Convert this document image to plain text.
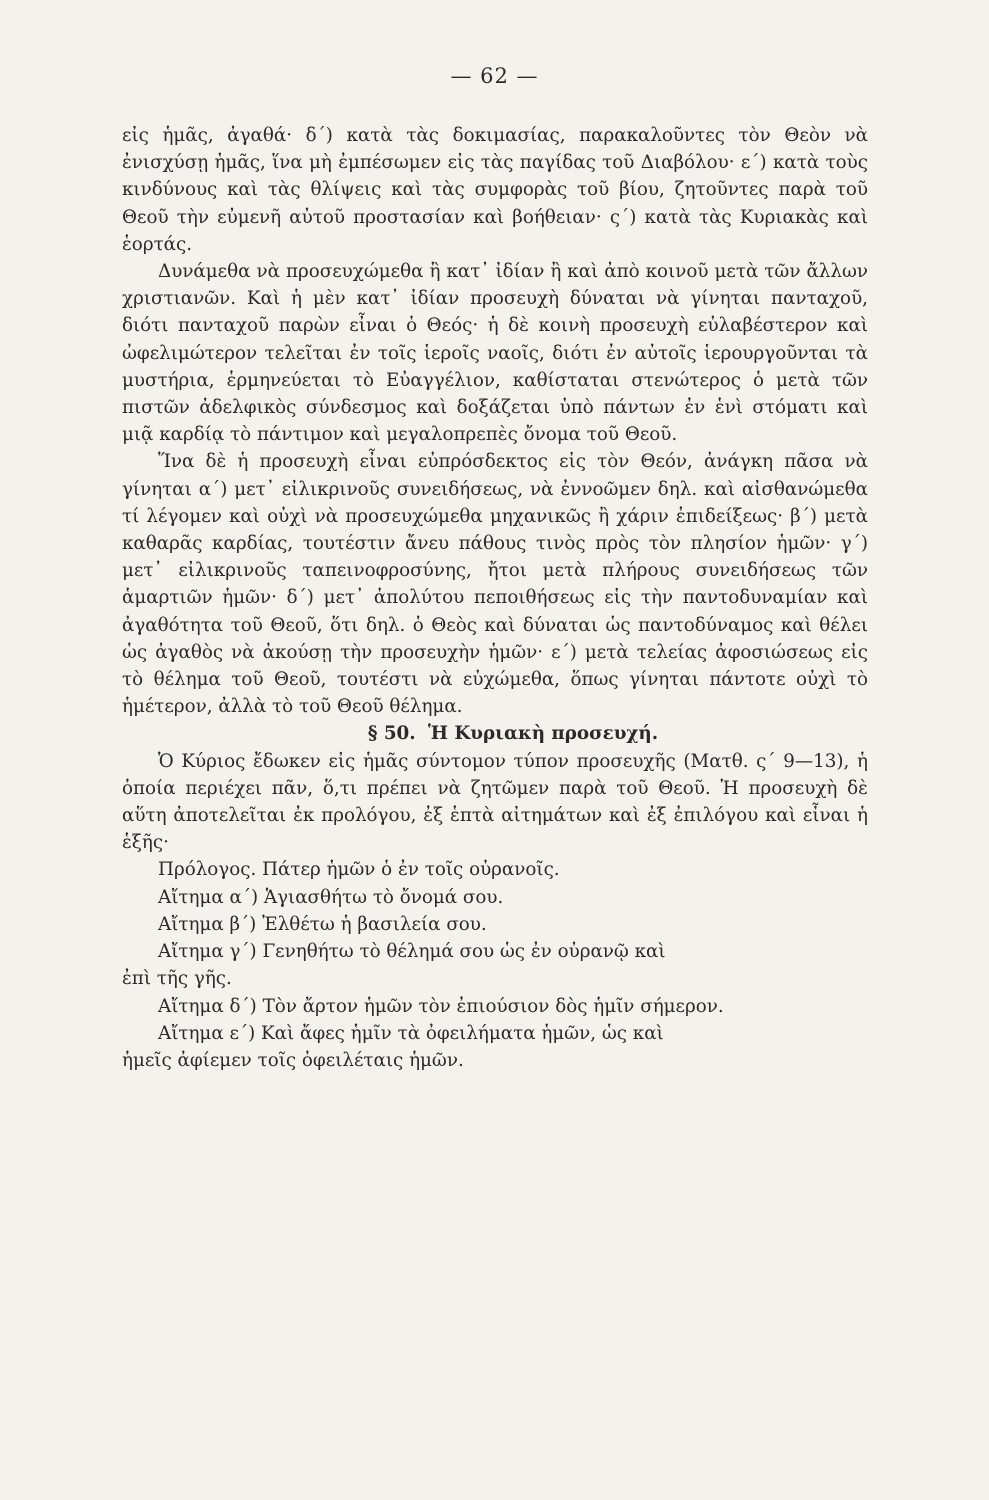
— 62 —

εἰς ἡμᾶς, ἀγαθά· δ´) κατὰ τὰς δοκιμασίας, παρακαλοῦντες τὸν Θεὸν νὰ ἐνισχύσῃ ἡμᾶς, ἵνα μὴ ἐμπέσωμεν εἰς τὰς παγίδας τοῦ Διαβόλου· ε´) κατὰ τοὺς κινδύνους καὶ τὰς θλίψεις καὶ τὰς συμφορὰς τοῦ βίου, ζητοῦντες παρὰ τοῦ Θεοῦ τὴν εὐμενῆ αὐτοῦ προστασίαν καὶ βοήθειαν· ς´) κατὰ τὰς Κυριακὰς καὶ ἑορτάς.

Δυνάμεθα νὰ προσευχώμεθα ἢ κατ᾿ ἰδίαν ἢ καὶ ἀπὸ κοινοῦ μετὰ τῶν ἄλλων χριστιανῶν. Καὶ ἡ μὲν κατ᾿ ἰδίαν προσευχὴ δύναται νὰ γίνηται πανταχοῦ, διότι πανταχοῦ παρὼν εἶναι ὁ Θεός· ἡ δὲ κοινὴ προσευχὴ εὐλαβέστερον καὶ ὠφελιμώτερον τελεῖται ἐν τοῖς ἱεροῖς ναοῖς, διότι ἐν αὐτοῖς ἱερουργοῦνται τὰ μυστήρια, ἑρμηνεύεται τὸ Εὐαγγέλιον, καθίσταται στενώτερος ὁ μετὰ τῶν πιστῶν ἀδελφικὸς σύνδεσμος καὶ δοξάζεται ὑπὸ πάντων ἐν ἑνὶ στόματι καὶ μιᾷ καρδίᾳ τὸ πάντιμον καὶ μεγαλοπρεπὲς ὄνομα τοῦ Θεοῦ.

Ἵνα δὲ ἡ προσευχὴ εἶναι εὐπρόσδεκτος εἰς τὸν Θεόν, ἀνάγκη πᾶσα νὰ γίνηται α´) μετ᾿ εἰλικρινοῦς συνειδήσεως, νὰ ἐννοῶμεν δηλ. καὶ αἰσθανώμεθα τί λέγομεν καὶ οὐχὶ νὰ προσευχώμεθα μηχανικῶς ἢ χάριν ἐπιδείξεως· β´) μετὰ καθαρᾶς καρδίας, τουτέστιν ἄνευ πάθους τινὸς πρὸς τὸν πλησίον ἡμῶν· γ´) μετ᾿ εἰλικρινοῦς ταπεινοφροσύνης, ἤτοι μετὰ πλήρους συνειδήσεως τῶν ἁμαρτιῶν ἡμῶν· δ´) μετ᾿ ἀπολύτου πεποιθήσεως εἰς τὴν παντοδυναμίαν καὶ ἀγαθότητα τοῦ Θεοῦ, ὅτι δηλ. ὁ Θεὸς καὶ δύναται ὡς παντοδύναμος καὶ θέλει ὡς ἀγαθὸς νὰ ἀκούσῃ τὴν προσευχὴν ἡμῶν· ε´) μετὰ τελείας ἀφοσιώσεως εἰς τὸ θέλημα τοῦ Θεοῦ, τουτέστι νὰ εὐχώμεθα, ὅπως γίνηται πάντοτε οὐχὶ τὸ ἡμέτερον, ἀλλὰ τὸ τοῦ Θεοῦ θέλημα.

§ 50. Ἡ Κυριακὴ προσευχή.

Ὁ Κύριος ἔδωκεν εἰς ἡμᾶς σύντομον τύπον προσευχῆς (Ματθ. ς´ 9—13), ἡ ὁποία περιέχει πᾶν, ὅ,τι πρέπει νὰ ζητῶμεν παρὰ τοῦ Θεοῦ. Ἡ προσευχὴ δὲ αὕτη ἀποτελεῖται ἐκ προλόγου, ἐξ ἑπτὰ αἰτημάτων καὶ ἐξ ἐπιλόγου καὶ εἶναι ἡ ἑξῆς·

Πρόλογος. Πάτερ ἡμῶν ὁ ἐν τοῖς οὐρανοῖς.

Αἴτημα α´) Ἁγιασθήτω τὸ ὄνομά σου.

Αἴτημα β´) Ἐλθέτω ἡ βασιλεία σου.

Αἴτημα γ´) Γενηθήτω τὸ θέλημά σου ὡς ἐν οὐρανῷ καὶ

ἐπὶ τῆς γῆς.

Αἴτημα δ´) Τὸν ἄρτον ἡμῶν τὸν ἐπιούσιον δὸς ἡμῖν σήμερον.

Αἴτημα ε´) Καὶ ἄφες ἡμῖν τὰ ὀφειλήματα ἡμῶν, ὡς καὶ

ἡμεῖς ἀφίεμεν τοῖς ὀφειλέταις ἡμῶν.
